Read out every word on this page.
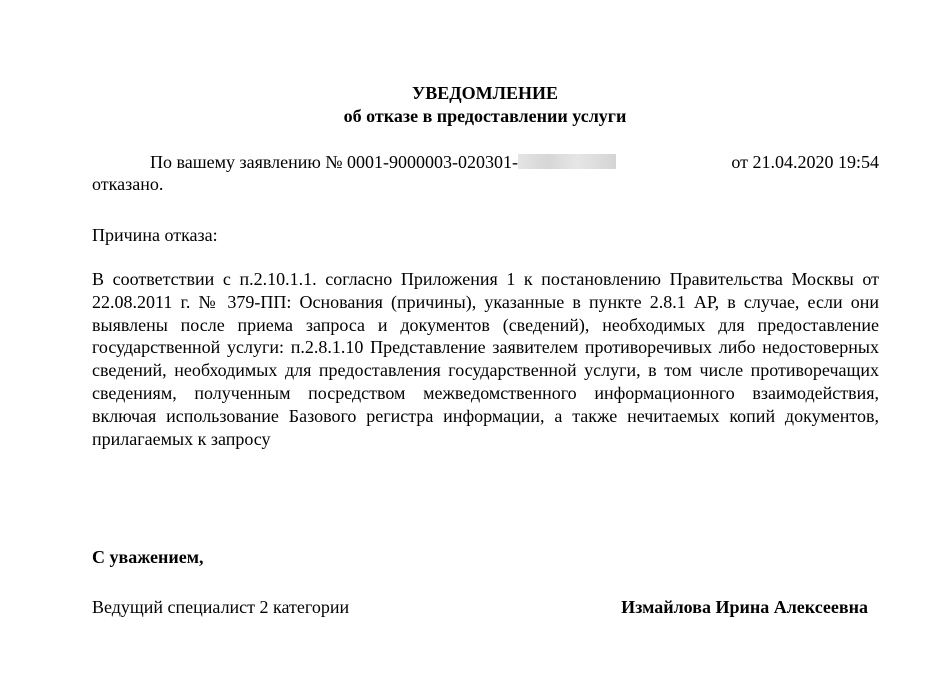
УВЕДОМЛЕНИЕ
об отказе в предоставлении услуги
По вашему заявлению № 0001-9000003-020301-	от 21.04.2020 19:54
отказано.
Причина отказа:
В соответствии с п.2.10.1.1. согласно Приложения 1 к постановлению Правительства Москвы от 22.08.2011 г. № 379-ПП: Основания (причины), указанные в пункте 2.8.1 АР, в случае, если они выявлены после приема запроса и документов (сведений), необходимых для предоставление государственной услуги: п.2.8.1.10 Представление заявителем противоречивых либо недостоверных сведений, необходимых для предоставления государственной услуги, в том числе противоречащих сведениям, полученным посредством межведомственного информационного взаимодействия, включая использование Базового регистра информации, а также нечитаемых копий документов, прилагаемых к запросу
С уважением,
Ведущий специалист 2 категории	Измайлова Ирина Алексеевна
